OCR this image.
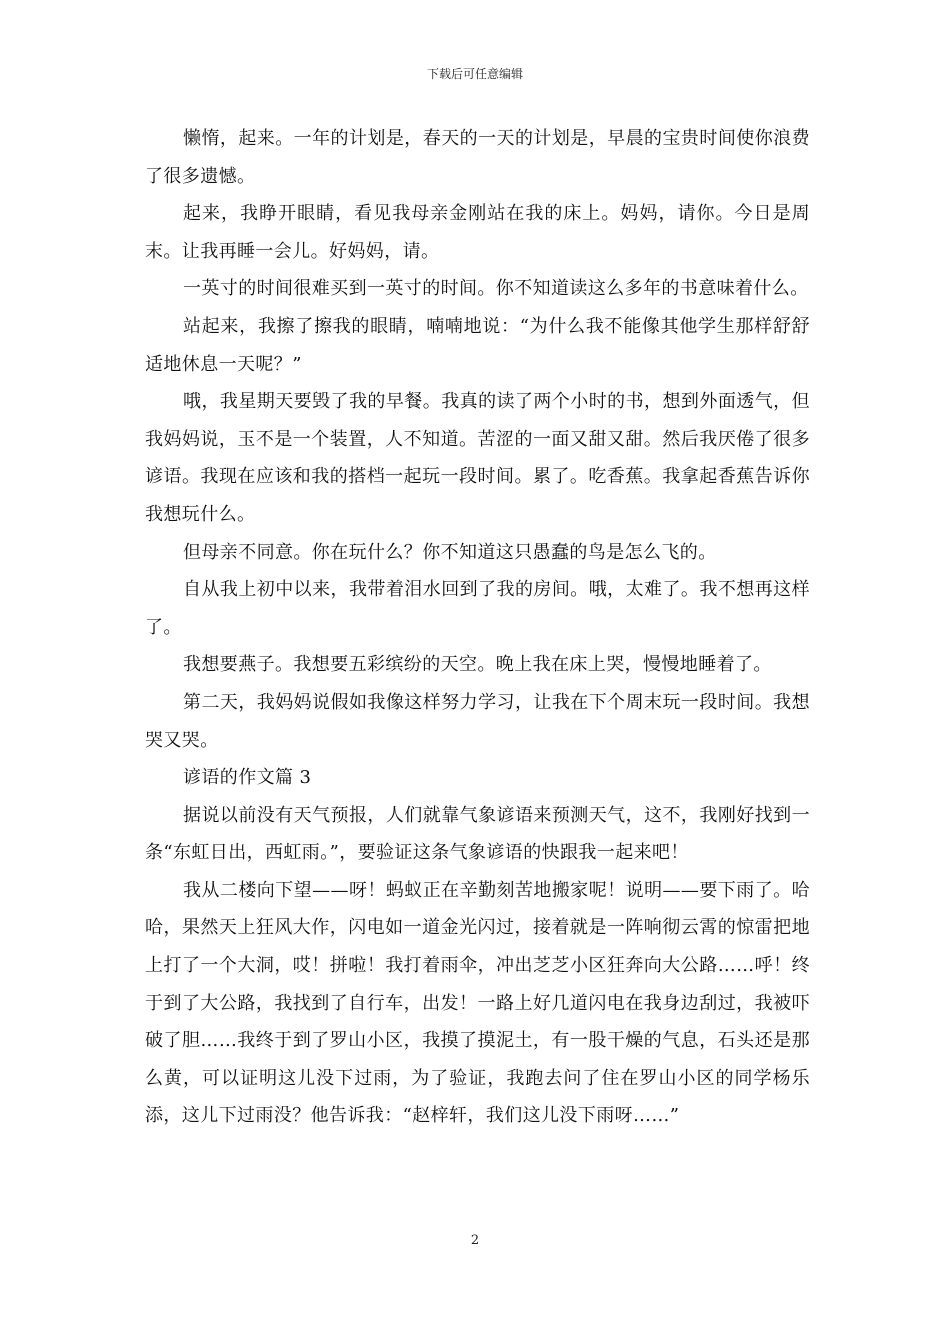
下载后可任意编辑

懒惰，起来。一年的计划是，春天的一天的计划是，早晨的宝贵时间使你浪费了很多遗憾。

起来，我睁开眼睛，看见我母亲金刚站在我的床上。妈妈，请你。今日是周末。让我再睡一会儿。好妈妈，请。

一英寸的时间很难买到一英寸的时间。你不知道读这么多年的书意味着什么。

站起来，我擦了擦我的眼睛，喃喃地说：“为什么我不能像其他学生那样舒舒适地休息一天呢？”

哦，我星期天要毁了我的早餐。我真的读了两个小时的书，想到外面透气，但我妈妈说，玉不是一个装置，人不知道。苦涩的一面又甜又甜。然后我厌倦了很多谚语。我现在应该和我的搭档一起玩一段时间。累了。吃香蕉。我拿起香蕉告诉你我想玩什么。

但母亲不同意。你在玩什么？你不知道这只愚蠢的鸟是怎么飞的。

自从我上初中以来，我带着泪水回到了我的房间。哦，太难了。我不想再这样了。

我想要燕子。我想要五彩缤纷的天空。晚上我在床上哭，慢慢地睡着了。

第二天，我妈妈说假如我像这样努力学习，让我在下个周末玩一段时间。我想哭又哭。

谚语的作文篇 3

据说以前没有天气预报，人们就靠气象谚语来预测天气，这不，我刚好找到一条“东虹日出，西虹雨。”，要验证这条气象谚语的快跟我一起来吧！

我从二楼向下望——呀！蚂蚁正在辛勤刻苦地搬家呢！说明——要下雨了。哈哈，果然天上狂风大作，闪电如一道金光闪过，接着就是一阵响彻云霄的惊雷把地上打了一个大洞，哎！拼啦！我打着雨伞，冲出芝芝小区狂奔向大公路……呼！终于到了大公路，我找到了自行车，出发！一路上好几道闪电在我身边刮过，我被吓破了胆……我终于到了罗山小区，我摸了摸泥土，有一股干燥的气息，石头还是那么黄，可以证明这儿没下过雨，为了验证，我跑去问了住在罗山小区的同学杨乐添，这儿下过雨没？他告诉我：“赵梓轩，我们这儿没下雨呀……”

2
